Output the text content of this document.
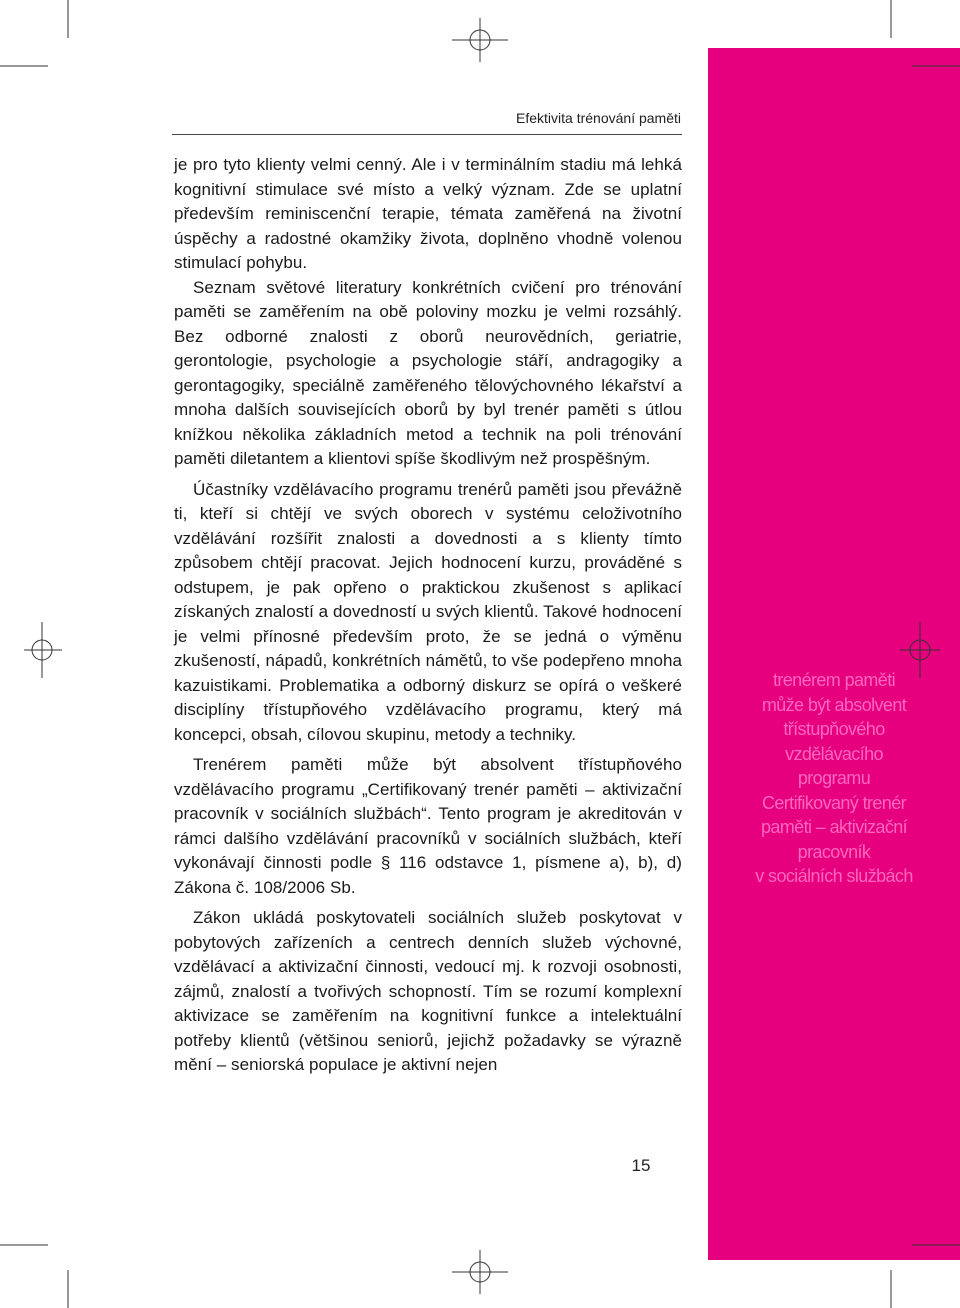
trenérem paměti
může být absolvent
třístupňového
vzdělávacího
programu
Certifikovaný trenér
paměti – aktivizační
pracovník
v sociálních službách
Efektivita trénování paměti

je pro tyto klienty velmi cenný. Ale i v terminálním stadiu má lehká kognitivní stimulace své místo a velký význam. Zde se uplatní především reminiscenční terapie, témata zaměřená na životní úspěchy a radostné okamžiky života, doplněno vhodně volenou stimulací pohybu.

Seznam světové literatury konkrétních cvičení pro trénování paměti se zaměřením na obě poloviny mozku je velmi rozsáhlý. Bez odborné znalosti z oborů neurovědních, geriatrie, gerontologie, psychologie a psychologie stáří, andragogiky a gerontagogiky, speciálně zaměřeného tělovýchovného lékařství a mnoha dalších souvisejících oborů by byl trenér paměti s útlou knížkou několika základních metod a technik na poli trénování paměti diletantem a klientovi spíše škodlivým než prospěšným.

Účastníky vzdělávacího programu trenérů paměti jsou převážně ti, kteří si chtějí ve svých oborech v systému celoživotního vzdělávání rozšířit znalosti a dovednosti a s klienty tímto způsobem chtějí pracovat. Jejich hodnocení kurzu, prováděné s odstupem, je pak opřeno o praktickou zkušenost s aplikací získaných znalostí a dovedností u svých klientů. Takové hodnocení je velmi přínosné především proto, že se jedná o výměnu zkušeností, nápadů, konkrétních námětů, to vše podepřeno mnoha kazuistikami. Problematika a odborný diskurz se opírá o veškeré disciplíny třístupňového vzdělávacího programu, který má koncepci, obsah, cílovou skupinu, metody a techniky.

Trenérem paměti může být absolvent třístupňového vzdělávacího programu „Certifikovaný trenér paměti – aktivizační pracovník v sociálních službách“. Tento program je akreditován v rámci dalšího vzdělávání pracovníků v sociálních službách, kteří vykonávají činnosti podle § 116 odstavce 1, písmene a), b), d) Zákona č. 108/2006 Sb.

Zákon ukládá poskytovateli sociálních služeb poskytovat v pobytových zařízeních a centrech denních služeb výchovné, vzdělávací a aktivizační činnosti, vedoucí mj. k rozvoji osobnosti, zájmů, znalostí a tvořivých schopností. Tím se rozumí komplexní aktivizace se zaměřením na kognitivní funkce a intelektuální potřeby klientů (většinou seniorů, jejichž požadavky se výrazně mění – seniorská populace je aktivní nejen

15
